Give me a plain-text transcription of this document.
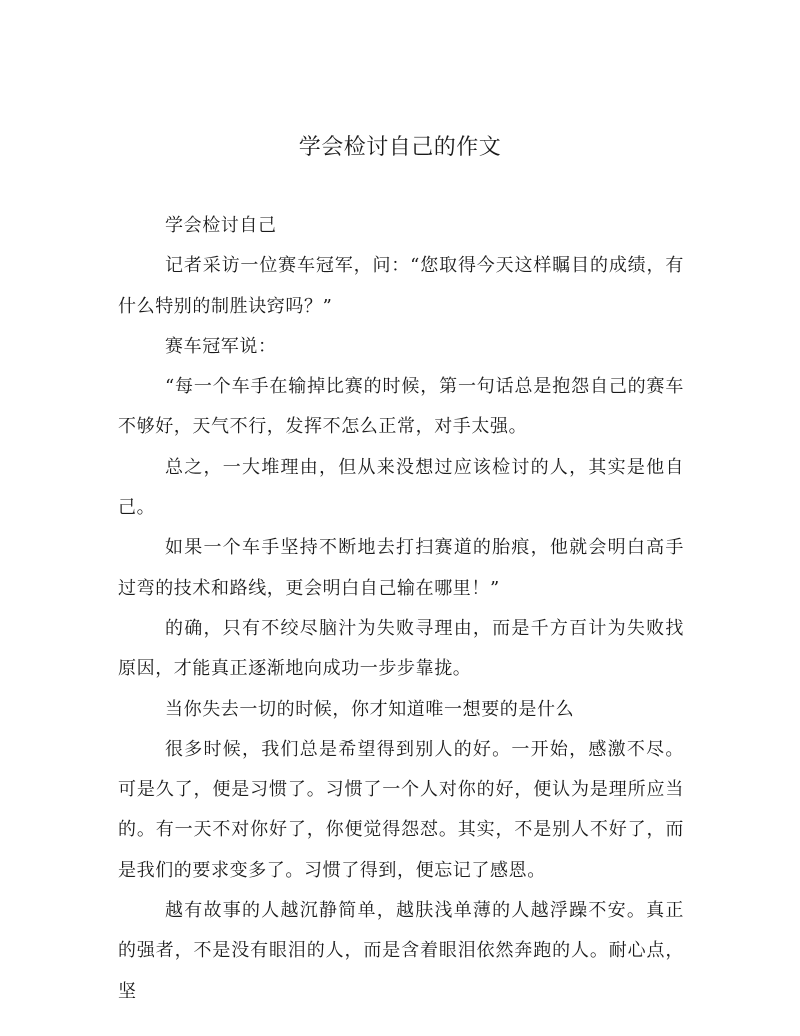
学会检讨自己的作文

学会检讨自己

记者采访一位赛车冠军，问：“您取得今天这样瞩目的成绩，有什么特别的制胜诀窍吗？”

赛车冠军说：

“每一个车手在输掉比赛的时候，第一句话总是抱怨自己的赛车不够好，天气不行，发挥不怎么正常，对手太强。

总之，一大堆理由，但从来没想过应该检讨的人，其实是他自己。

如果一个车手坚持不断地去打扫赛道的胎痕，他就会明白高手过弯的技术和路线，更会明白自己输在哪里！”

的确，只有不绞尽脑汁为失败寻理由，而是千方百计为失败找原因，才能真正逐渐地向成功一步步靠拢。

当你失去一切的时候，你才知道唯一想要的是什么

很多时候，我们总是希望得到别人的好。一开始，感激不尽。可是久了，便是习惯了。习惯了一个人对你的好，便认为是理所应当的。有一天不对你好了，你便觉得怨怼。其实，不是别人不好了，而是我们的要求变多了。习惯了得到，便忘记了感恩。

越有故事的人越沉静简单，越肤浅单薄的人越浮躁不安。真正的强者，不是没有眼泪的人，而是含着眼泪依然奔跑的人。耐心点，坚
